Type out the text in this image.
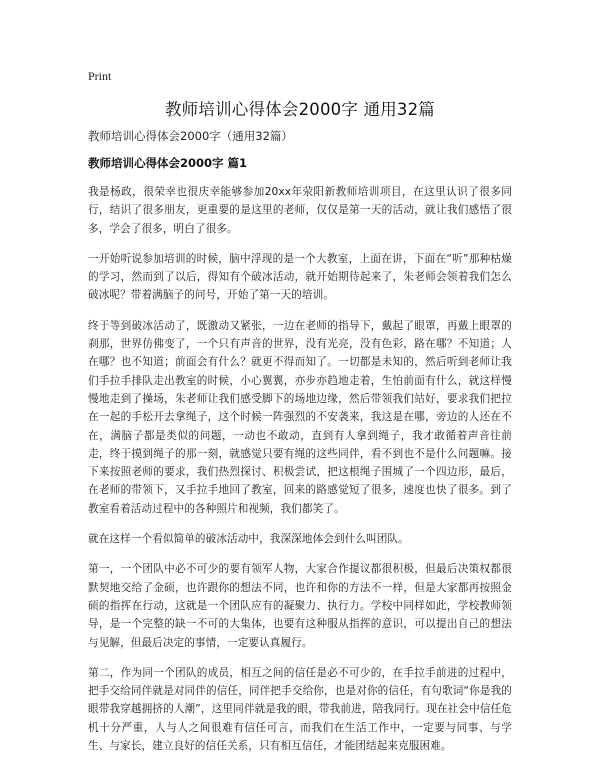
Print
教师培训心得体会2000字 通用32篇
教师培训心得体会2000字（通用32篇）
教师培训心得体会2000字 篇1

我是杨政，很荣幸也很庆幸能够参加20xx年荥阳新教师培训项目，在这里认识了很多同行，结识了很多朋友，更重要的是这里的老师，仅仅是第一天的活动，就让我们感悟了很多，学会了很多，明白了很多。

一开始听说参加培训的时候，脑中浮现的是一个大教室，上面在讲，下面在“听”那种枯燥的学习，然而到了以后，得知有个破冰活动，就开始期待起来了，朱老师会领着我们怎么破冰呢？带着满脑子的问号，开始了第一天的培训。

终于等到破冰活动了，既激动又紧张，一边在老师的指导下，戴起了眼罩，再戴上眼罩的刹那，世界仿佛变了，一个只有声音的世界，没有光亮，没有色彩，路在哪？不知道；人在哪？也不知道；前面会有什么？就更不得而知了。一切都是未知的，然后听到老师让我们手拉手排队走出教室的时候，小心翼翼，亦步亦趋地走着，生怕前面有什么，就这样慢慢地走到了操场，朱老师让我们感受脚下的场地边缘，然后带领我们站好，要求我们把拉在一起的手松开去拿绳子，这个时候一阵强烈的不安袭来，我这是在哪，旁边的人还在不在，满脑子都是类似的问题，一动也不敢动，直到有人拿到绳子，我才敢循着声音往前走，终于摸到绳子的那一刻，就感觉只要有绳的这些同伴，看不到也不是什么问题嘛。接下来按照老师的要求，我们热烈探讨、积极尝试，把这根绳子围城了一个四边形，最后，在老师的带领下，又手拉手地回了教室，回来的路感觉短了很多，速度也快了很多。到了教室看着活动过程中的各种照片和视频，我们都笑了。

就在这样一个看似简单的破冰活动中，我深深地体会到什么叫团队。

第一，一个团队中必不可少的要有领军人物，大家合作提议都很积极，但最后决策权都很默契地交给了金硕，也许跟你的想法不同，也许和你的方法不一样，但是大家都再按照金硕的指挥在行动，这就是一个团队应有的凝聚力、执行力。学校中同样如此，学校教师领导，是一个完整的缺一不可的大集体，也要有这种服从指挥的意识，可以提出自己的想法与见解，但最后决定的事情，一定要认真履行。

第二，作为同一个团队的成员，相互之间的信任是必不可少的，在手拉手前进的过程中，把手交给同伴就是对同伴的信任，同伴把手交给你，也是对你的信任，有句歌词“你是我的眼带我穿越拥挤的人潮”，这里同伴就是我的眼，带我前进，陪我同行。现在社会中信任危机十分严重，人与人之间很难有信任可言，而我们在生活工作中，一定要与同事、与学生、与家长，建立良好的信任关系，只有相互信任，才能团结起来克服困难。
